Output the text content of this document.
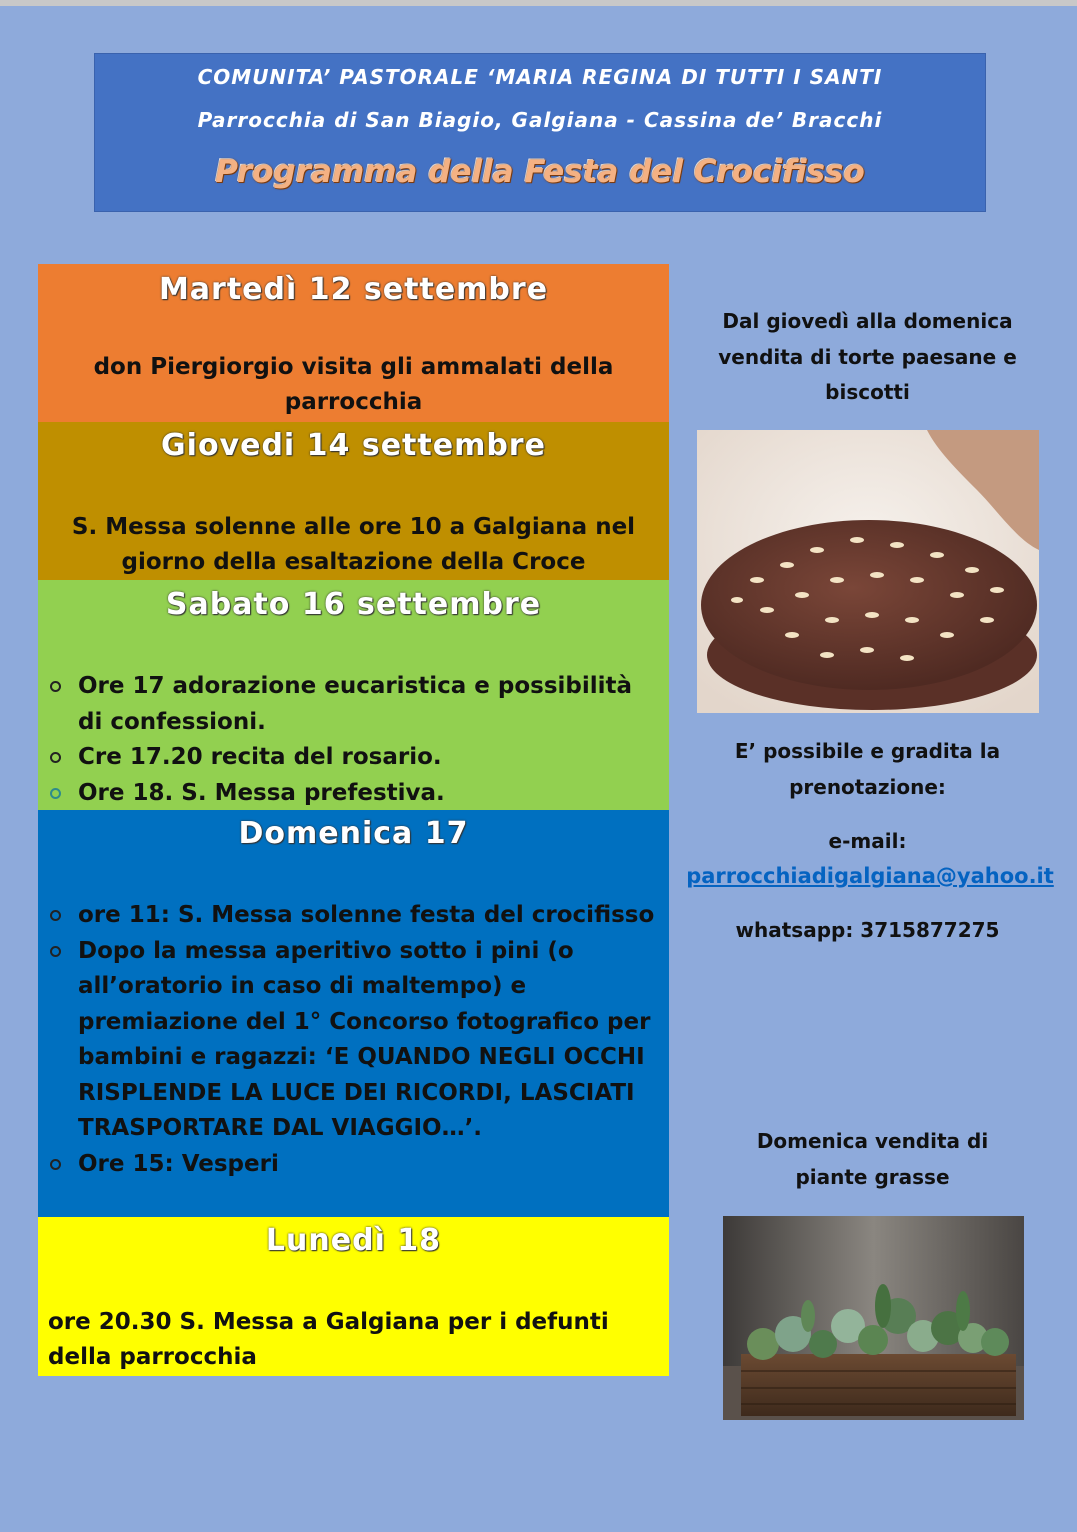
COMUNITA’ PASTORALE ‘MARIA REGINA DI TUTTI I SANTI
Parrocchia di San Biagio, Galgiana - Cassina de’ Bracchi
Programma della Festa del Crocifisso
Martedì 12 settembre
don Piergiorgio visita gli ammalati della parrocchia
Giovedi 14 settembre
S. Messa solenne alle ore 10 a Galgiana nel giorno della esaltazione della Croce
Sabato 16 settembre
Ore 17 adorazione eucaristica e possibilità di confessioni.
Cre 17.20 recita del rosario.
Ore 18. S. Messa prefestiva.
Domenica 17
ore 11: S. Messa solenne festa del crocifisso
Dopo la messa aperitivo sotto i pini (o all’oratorio in caso di maltempo) e premiazione del 1° Concorso fotografico per bambini e ragazzi: ‘E QUANDO NEGLI OCCHI RISPLENDE LA LUCE DEI RICORDI, LASCIATI TRASPORTARE DAL VIAGGIO…’.
Ore 15: Vesperi
Lunedì 18
ore 20.30 S. Messa a Galgiana per i defunti della parrocchia
Dal giovedì alla domenica vendita di torte paesane e biscotti
E’ possibile e gradita la prenotazione:
e-mail:
parrocchiadigalgiana@yahoo.it
whatsapp: 3715877275
Domenica vendita di piante grasse
